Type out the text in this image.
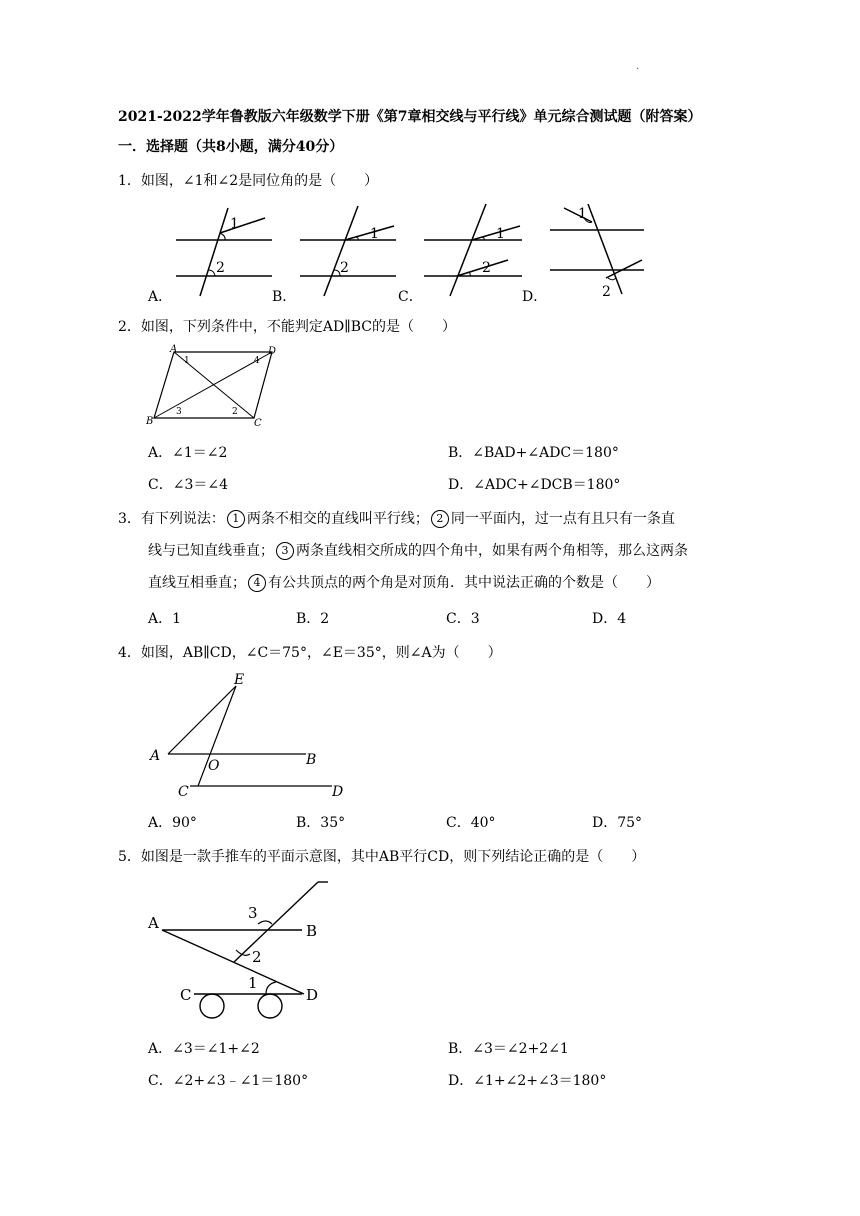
·
2021-2022学年鲁教版六年级数学下册《第7章相交线与平行线》单元综合测试题（附答案）
一．选择题（共8小题，满分40分）
1．如图，∠1和∠2是同位角的是（　　）
1
2
A．
1
2
B．
1
2
C．
1
2
D．
2．如图，下列条件中，不能判定AD∥BC的是（　　）
A	D
B	C
1	4
3	2
A．∠1＝∠2	B．∠BAD+∠ADC＝180°
C．∠3＝∠4	D．∠ADC+∠DCB＝180°
3．有下列说法： 1 两条不相交的直线叫平行线； 2 同一平面内，过一点有且只有一条直
线与已知直线垂直； 3 两条直线相交所成的四个角中，如果有两个角相等，那么这两条
直线互相垂直； 4 有公共顶点的两个角是对顶角．其中说法正确的个数是（　　）
A．1	B．2	C．3	D．4
4．如图，AB∥CD，∠C＝75°，∠E＝35°，则∠A为（　　）
E
A	B
O
C	D
A．90°	B．35°	C．40°	D．75°
5．如图是一款手推车的平面示意图，其中AB平行CD，则下列结论正确的是（　　）
A	B
3
2
1
C	D
A．∠3＝∠1+∠2	B．∠3＝∠2+2∠1
C．∠2+∠3﹣∠1＝180°	D．∠1+∠2+∠3＝180°
